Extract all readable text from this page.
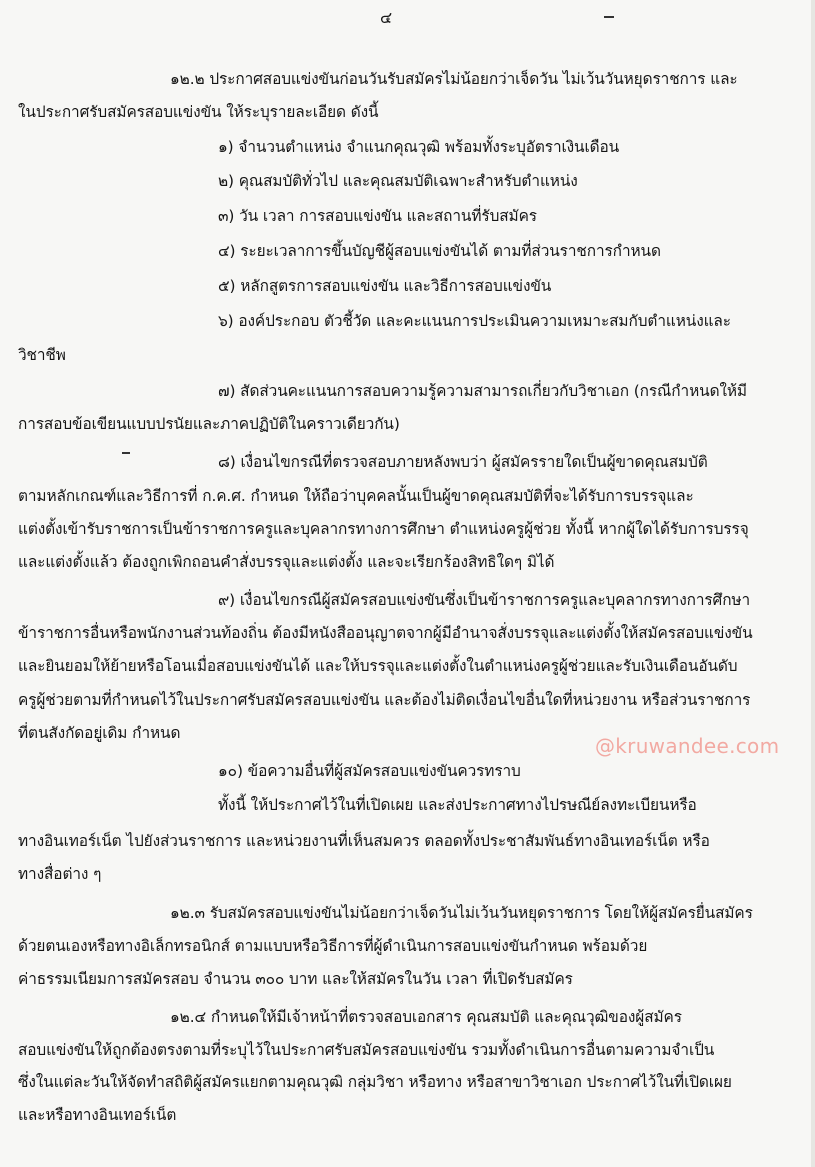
๔
๑๒.๒ ประกาศสอบแข่งขันก่อนวันรับสมัครไม่น้อยกว่าเจ็ดวัน ไม่เว้นวันหยุดราชการ และ
ในประกาศรับสมัครสอบแข่งขัน ให้ระบุรายละเอียด ดังนี้
๑) จำนวนตำแหน่ง จำแนกคุณวุฒิ พร้อมทั้งระบุอัตราเงินเดือน
๒) คุณสมบัติทั่วไป และคุณสมบัติเฉพาะสำหรับตำแหน่ง
๓) วัน เวลา การสอบแข่งขัน และสถานที่รับสมัคร
๔) ระยะเวลาการขึ้นบัญชีผู้สอบแข่งขันได้ ตามที่ส่วนราชการกำหนด
๕) หลักสูตรการสอบแข่งขัน และวิธีการสอบแข่งขัน
๖) องค์ประกอบ ตัวชี้วัด และคะแนนการประเมินความเหมาะสมกับตำแหน่งและ
วิชาชีพ
๗) สัดส่วนคะแนนการสอบความรู้ความสามารถเกี่ยวกับวิชาเอก (กรณีกำหนดให้มี
การสอบข้อเขียนแบบปรนัยและภาคปฏิบัติในคราวเดียวกัน)
๘) เงื่อนไขกรณีที่ตรวจสอบภายหลังพบว่า ผู้สมัครรายใดเป็นผู้ขาดคุณสมบัติ
ตามหลักเกณฑ์และวิธีการที่ ก.ค.ศ. กำหนด ให้ถือว่าบุคคลนั้นเป็นผู้ขาดคุณสมบัติที่จะได้รับการบรรจุและ
แต่งตั้งเข้ารับราชการเป็นข้าราชการครูและบุคลากรทางการศึกษา ตำแหน่งครูผู้ช่วย ทั้งนี้ หากผู้ใดได้รับการบรรจุ
และแต่งตั้งแล้ว ต้องถูกเพิกถอนคำสั่งบรรจุและแต่งตั้ง และจะเรียกร้องสิทธิใดๆ มิได้
๙) เงื่อนไขกรณีผู้สมัครสอบแข่งขันซึ่งเป็นข้าราชการครูและบุคลากรทางการศึกษา
ข้าราชการอื่นหรือพนักงานส่วนท้องถิ่น ต้องมีหนังสืออนุญาตจากผู้มีอำนาจสั่งบรรจุและแต่งตั้งให้สมัครสอบแข่งขัน
และยินยอมให้ย้ายหรือโอนเมื่อสอบแข่งขันได้ และให้บรรจุและแต่งตั้งในตำแหน่งครูผู้ช่วยและรับเงินเดือนอันดับ
ครูผู้ช่วยตามที่กำหนดไว้ในประกาศรับสมัครสอบแข่งขัน และต้องไม่ติดเงื่อนไขอื่นใดที่หน่วยงาน หรือส่วนราชการ
ที่ตนสังกัดอยู่เดิม กำหนด
๑๐) ข้อความอื่นที่ผู้สมัครสอบแข่งขันควรทราบ
ทั้งนี้ ให้ประกาศไว้ในที่เปิดเผย และส่งประกาศทางไปรษณีย์ลงทะเบียนหรือ
ทางอินเทอร์เน็ต ไปยังส่วนราชการ และหน่วยงานที่เห็นสมควร ตลอดทั้งประชาสัมพันธ์ทางอินเทอร์เน็ต หรือ
ทางสื่อต่าง ๆ
๑๒.๓ รับสมัครสอบแข่งขันไม่น้อยกว่าเจ็ดวันไม่เว้นวันหยุดราชการ โดยให้ผู้สมัครยื่นสมัคร
ด้วยตนเองหรือทางอิเล็กทรอนิกส์ ตามแบบหรือวิธีการที่ผู้ดำเนินการสอบแข่งขันกำหนด พร้อมด้วย
ค่าธรรมเนียมการสมัครสอบ จำนวน ๓๐๐ บาท และให้สมัครในวัน เวลา ที่เปิดรับสมัคร
๑๒.๔ กำหนดให้มีเจ้าหน้าที่ตรวจสอบเอกสาร คุณสมบัติ และคุณวุฒิของผู้สมัคร
สอบแข่งขันให้ถูกต้องตรงตามที่ระบุไว้ในประกาศรับสมัครสอบแข่งขัน รวมทั้งดำเนินการอื่นตามความจำเป็น
ซึ่งในแต่ละวันให้จัดทำสถิติผู้สมัครแยกตามคุณวุฒิ กลุ่มวิชา หรือทาง หรือสาขาวิชาเอก ประกาศไว้ในที่เปิดเผย
และหรือทางอินเทอร์เน็ต
@kruwandee.com
